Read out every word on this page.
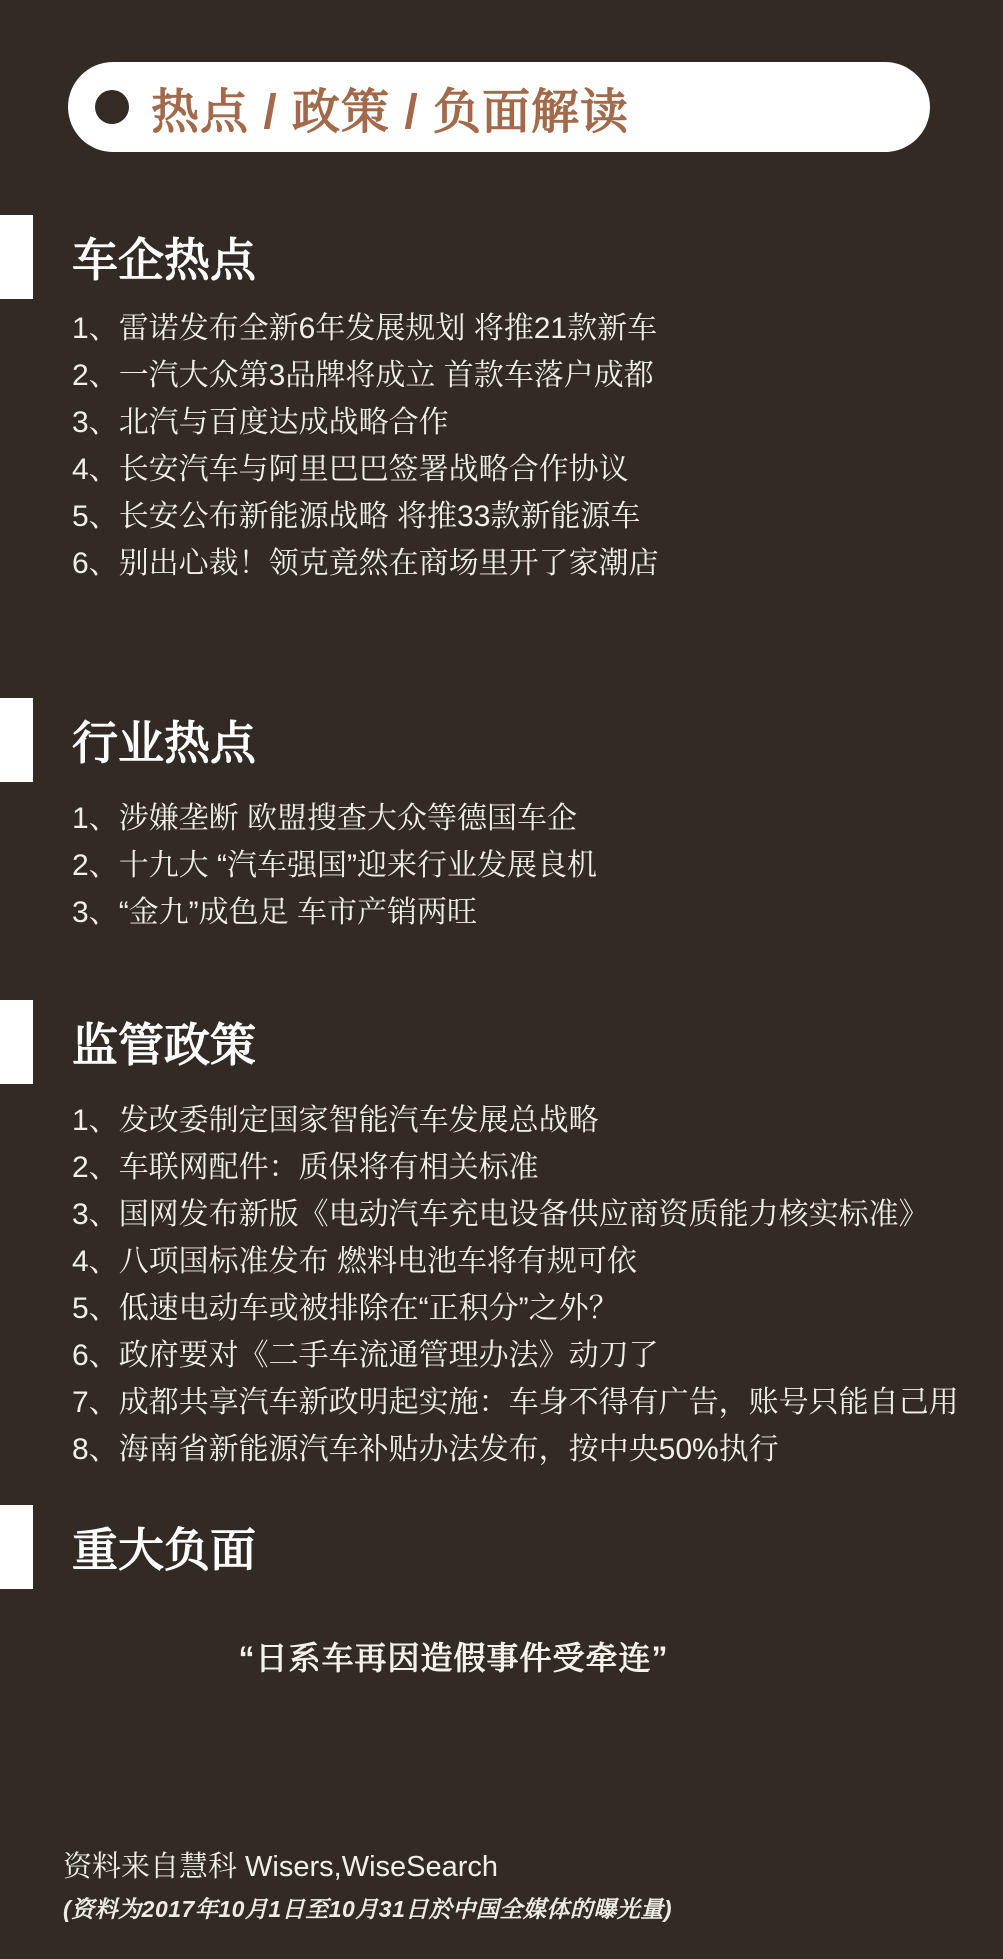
热点 / 政策 / 负面解读
车企热点
1、 雷诺发布全新6年发展规划 将推21款新车
2、 一汽大众第3品牌将成立 首款车落户成都
3、 北汽与百度达成战略合作
4、 长安汽车与阿里巴巴签署战略合作协议
5、 长安公布新能源战略 将推33款新能源车
6、 别出心裁！领克竟然在商场里开了家潮店
行业热点
1、 涉嫌垄断 欧盟搜查大众等德国车企
2、 十九大 “汽车强国”迎来行业发展良机
3、 “金九”成色足 车市产销两旺
监管政策
1、 发改委制定国家智能汽车发展总战略
2、 车联网配件：质保将有相关标准
3、 国网发布新版《电动汽车充电设备供应商资质能力核实标准》
4、 八项国标准发布 燃料电池车将有规可依
5、 低速电动车或被排除在“正积分”之外？
6、 政府要对《二手车流通管理办法》动刀了
7、 成都共享汽车新政明起实施：车身不得有广告，账号只能自己用
8、 海南省新能源汽车补贴办法发布，按中央50%执行
重大负面
“日系车再因造假事件受牵连”
资料来自慧科 Wisers,WiseSearch
(资料为2017年10月1日至10月31日於中国全媒体的曝光量)
